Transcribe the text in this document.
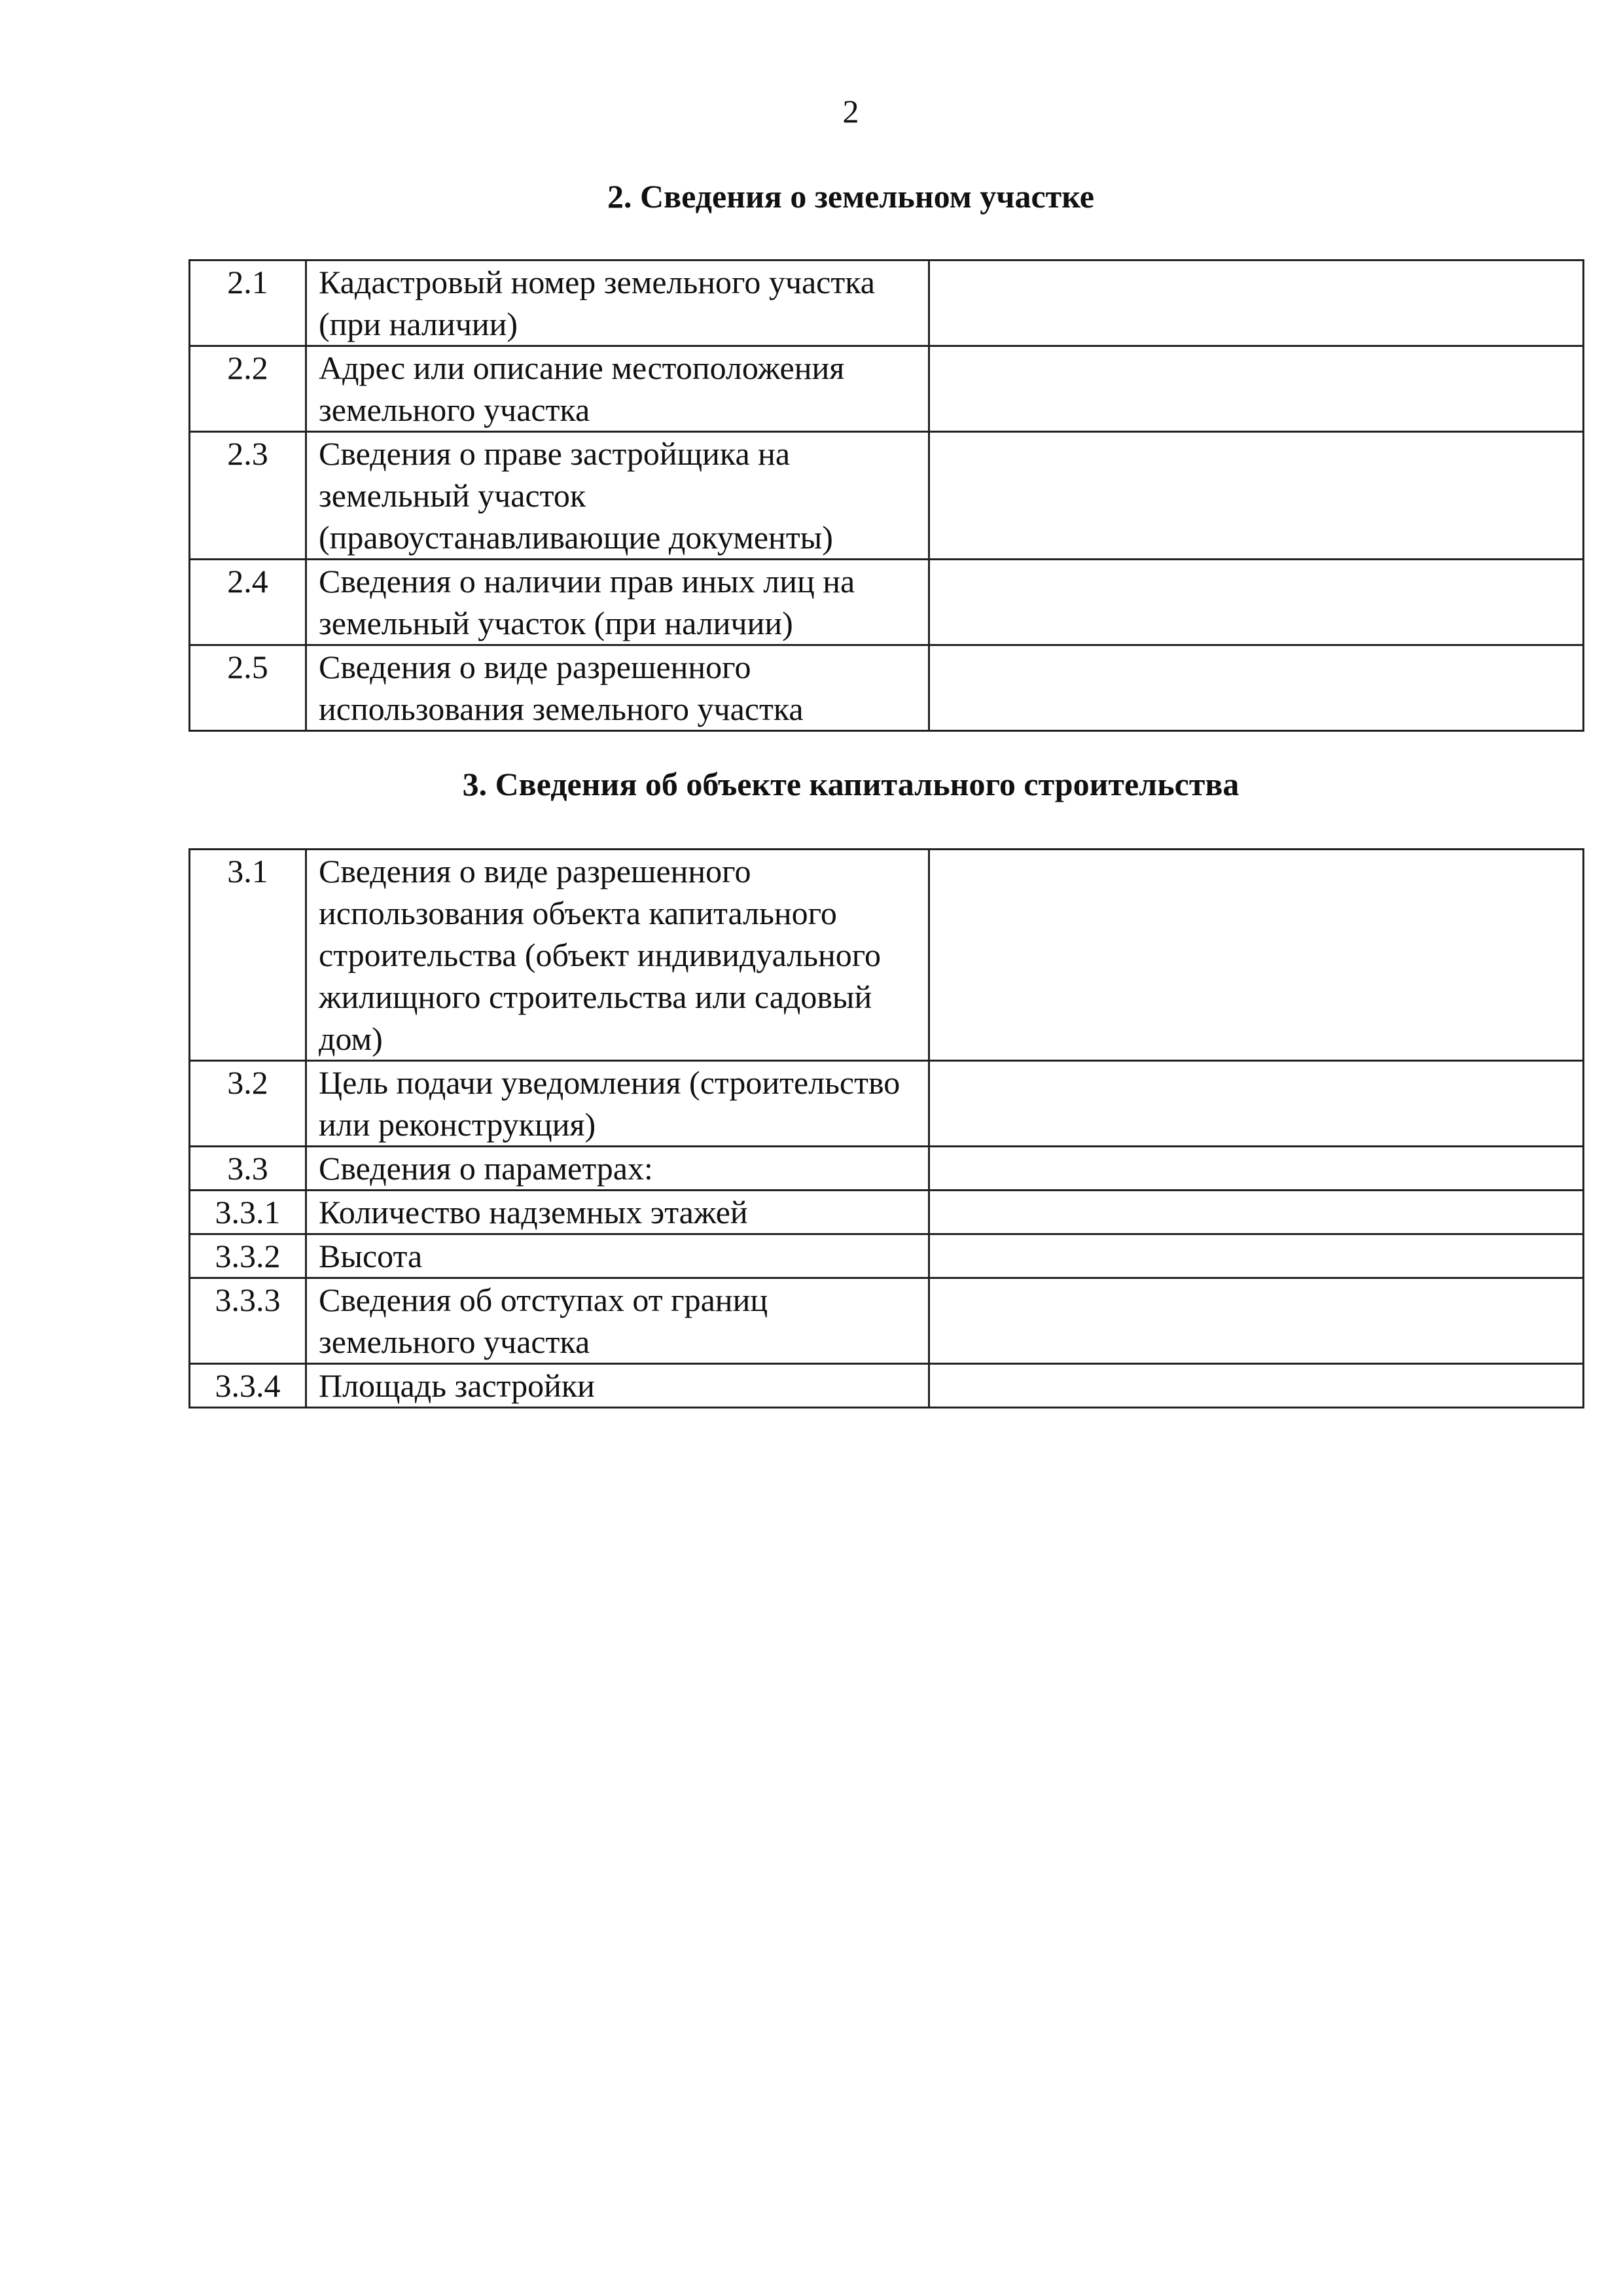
2
2. Сведения о земельном участке
2.1	Кадастровый номер земельного участка (при наличии)	
2.2	Адрес или описание местоположения земельного участка	
2.3	Сведения о праве застройщика на земельный участок (правоустанавливающие документы)	
2.4	Сведения о наличии прав иных лиц на земельный участок (при наличии)	
2.5	Сведения о виде разрешенного использования земельного участка	
3. Сведения об объекте капитального строительства
3.1	Сведения о виде разрешенного использования объекта капитального строительства (объект индивидуального жилищного строительства или садовый дом)	
3.2	Цель подачи уведомления (строительство или реконструкция)	
3.3	Сведения о параметрах:	
3.3.1	Количество надземных этажей	
3.3.2	Высота	
3.3.3	Сведения об отступах от границ земельного участка	
3.3.4	Площадь застройки	
